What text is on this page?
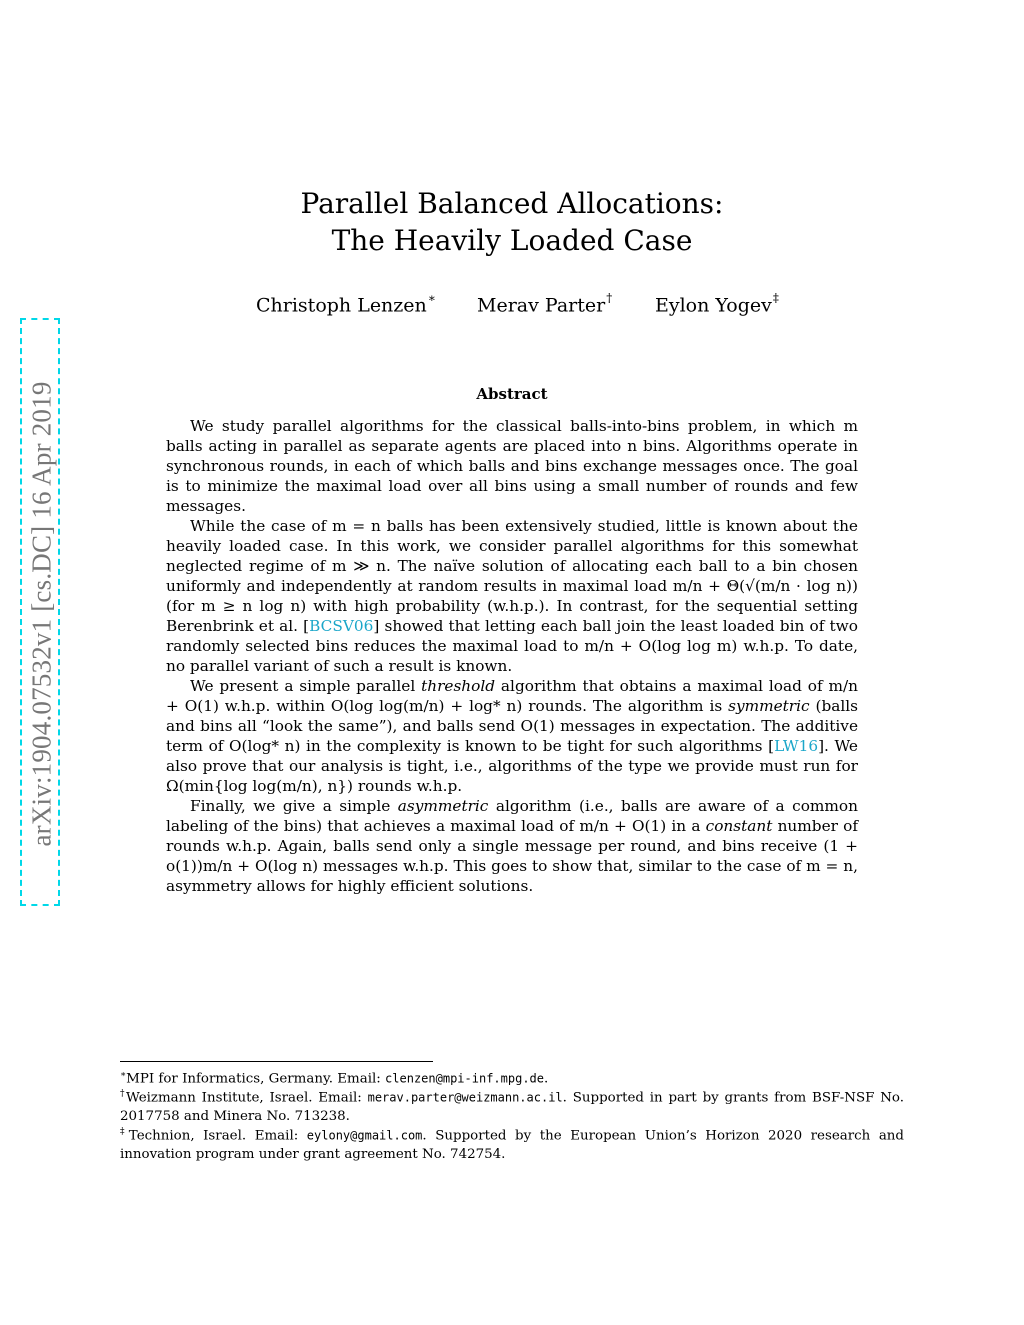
arXiv:1904.07532v1 [cs.DC] 16 Apr 2019
Parallel Balanced Allocations:
The Heavily Loaded Case
Christoph Lenzen∗ Merav Parter† Eylon Yogev‡
Abstract

We study parallel algorithms for the classical balls-into-bins problem, in which m balls acting in parallel as separate agents are placed into n bins. Algorithms operate in synchronous rounds, in each of which balls and bins exchange messages once. The goal is to minimize the maximal load over all bins using a small number of rounds and few messages.

While the case of m = n balls has been extensively studied, little is known about the heavily loaded case. In this work, we consider parallel algorithms for this somewhat neglected regime of m ≫ n. The naïve solution of allocating each ball to a bin chosen uniformly and independently at random results in maximal load m/n + Θ(√(m/n · log n)) (for m ≥ n log n) with high probability (w.h.p.). In contrast, for the sequential setting Berenbrink et al. [BCSV06] showed that letting each ball join the least loaded bin of two randomly selected bins reduces the maximal load to m/n + O(log log m) w.h.p. To date, no parallel variant of such a result is known.

We present a simple parallel threshold algorithm that obtains a maximal load of m/n + O(1) w.h.p. within O(log log(m/n) + log* n) rounds. The algorithm is symmetric (balls and bins all “look the same”), and balls send O(1) messages in expectation. The additive term of O(log* n) in the complexity is known to be tight for such algorithms [LW16]. We also prove that our analysis is tight, i.e., algorithms of the type we provide must run for Ω(min{log log(m/n), n}) rounds w.h.p.

Finally, we give a simple asymmetric algorithm (i.e., balls are aware of a common labeling of the bins) that achieves a maximal load of m/n + O(1) in a constant number of rounds w.h.p. Again, balls send only a single message per round, and bins receive (1 + o(1))m/n + O(log n) messages w.h.p. This goes to show that, similar to the case of m = n, asymmetry allows for highly efficient solutions.

∗MPI for Informatics, Germany. Email: clenzen@mpi-inf.mpg.de.
†Weizmann Institute, Israel. Email: merav.parter@weizmann.ac.il. Supported in part by grants from BSF-NSF No. 2017758 and Minera No. 713238.
‡Technion, Israel. Email: eylony@gmail.com. Supported by the European Union’s Horizon 2020 research and innovation program under grant agreement No. 742754.
